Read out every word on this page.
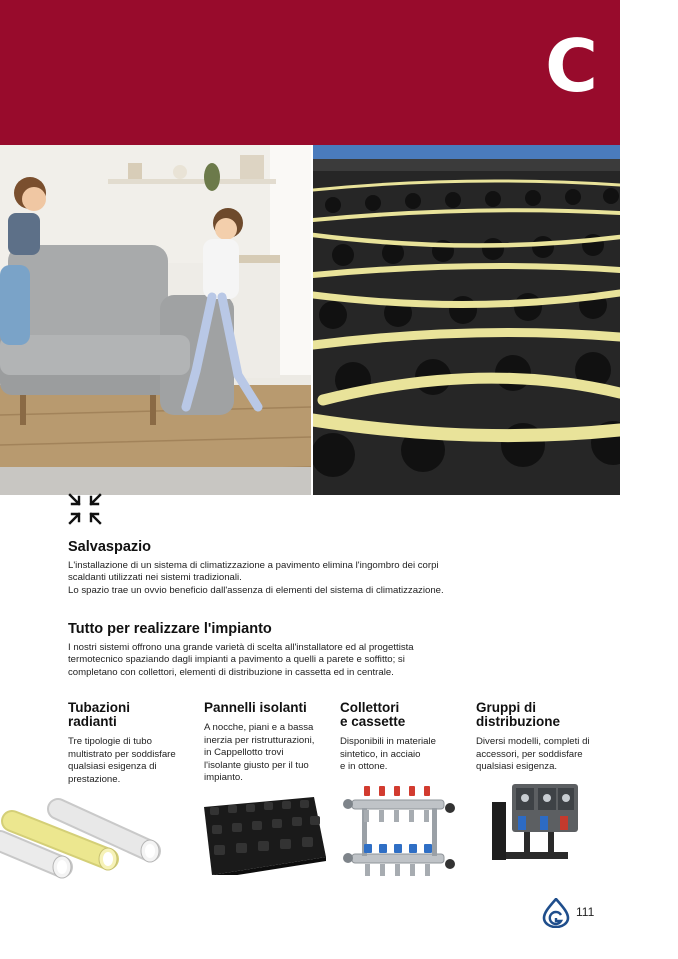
C
Salvaspazio
L'installazione di un sistema di climatizzazione a pavimento elimina l'ingombro dei corpi
scaldanti utilizzati nei sistemi tradizionali.
Lo spazio trae un ovvio beneficio dall'assenza di elementi del sistema di climatizzazione.
Tutto per realizzare l'impianto
I nostri sistemi offrono una grande varietà di scelta all'installatore ed al progettista
termotecnico spaziando dagli impianti a pavimento a quelli a parete e soffitto; si
completano con collettori, elementi di distribuzione in cassetta ed in centrale.
Tubazioni
radianti
Tre tipologie di tubo
multistrato per soddisfare
qualsiasi esigenza di
prestazione.
Pannelli isolanti
A nocche, piani e a bassa
inerzia per ristrutturazioni,
in Cappellotto trovi
l'isolante giusto per il tuo
impianto.
Collettori
e cassette
Disponibili in materiale
sintetico, in acciaio
e in ottone.
Gruppi di
distribuzione
Diversi modelli, completi di
accessori, per soddisfare
qualsiasi esigenza.
111
